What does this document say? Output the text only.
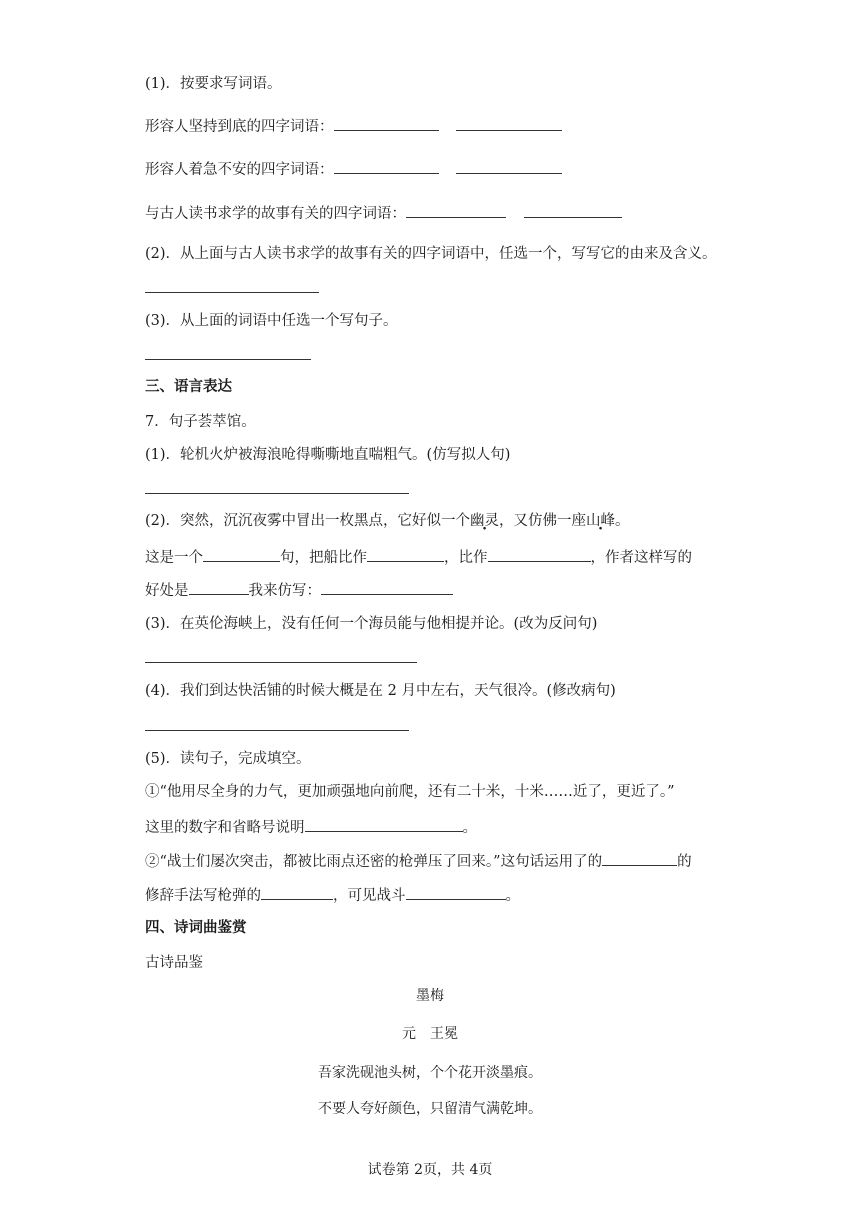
(1)．按要求写词语。
形容人坚持到底的四字词语：
形容人着急不安的四字词语：
与古人读书求学的故事有关的四字词语：
(2)．从上面与古人读书求学的故事有关的四字词语中，任选一个，写写它的由来及含义。
(3)．从上面的词语中任选一个写句子。
三、语言表达
7．句子荟萃馆。
(1)．轮机火炉被海浪呛得嘶嘶地直喘粗气。(仿写拟人句)
(2)．突然，沉沉夜雾中冒出一枚黑点，它好似一个幽灵，又仿佛一座山峰。
这是一个	句，把船比作	，比作	，作者这样写的
好处是	我来仿写：
(3)．在英伦海峡上，没有任何一个海员能与他相提并论。(改为反问句)
(4)．我们到达快活铺的时候大概是在 2 月中左右，天气很冷。(修改病句)
(5)．读句子，完成填空。
①“他用尽全身的力气，更加顽强地向前爬，还有二十米，十米……近了，更近了。”
这里的数字和省略号说明	。
②“战士们屡次突击，都被比雨点还密的枪弹压了回来。”这句话运用了的	的
修辞手法写枪弹的	，可见战斗	。
四、诗词曲鉴赏
古诗品鉴
墨梅
元　王冕
吾家洗砚池头树，个个花开淡墨痕。
不要人夸好颜色，只留清气满乾坤。
试卷第 2页，共 4页
